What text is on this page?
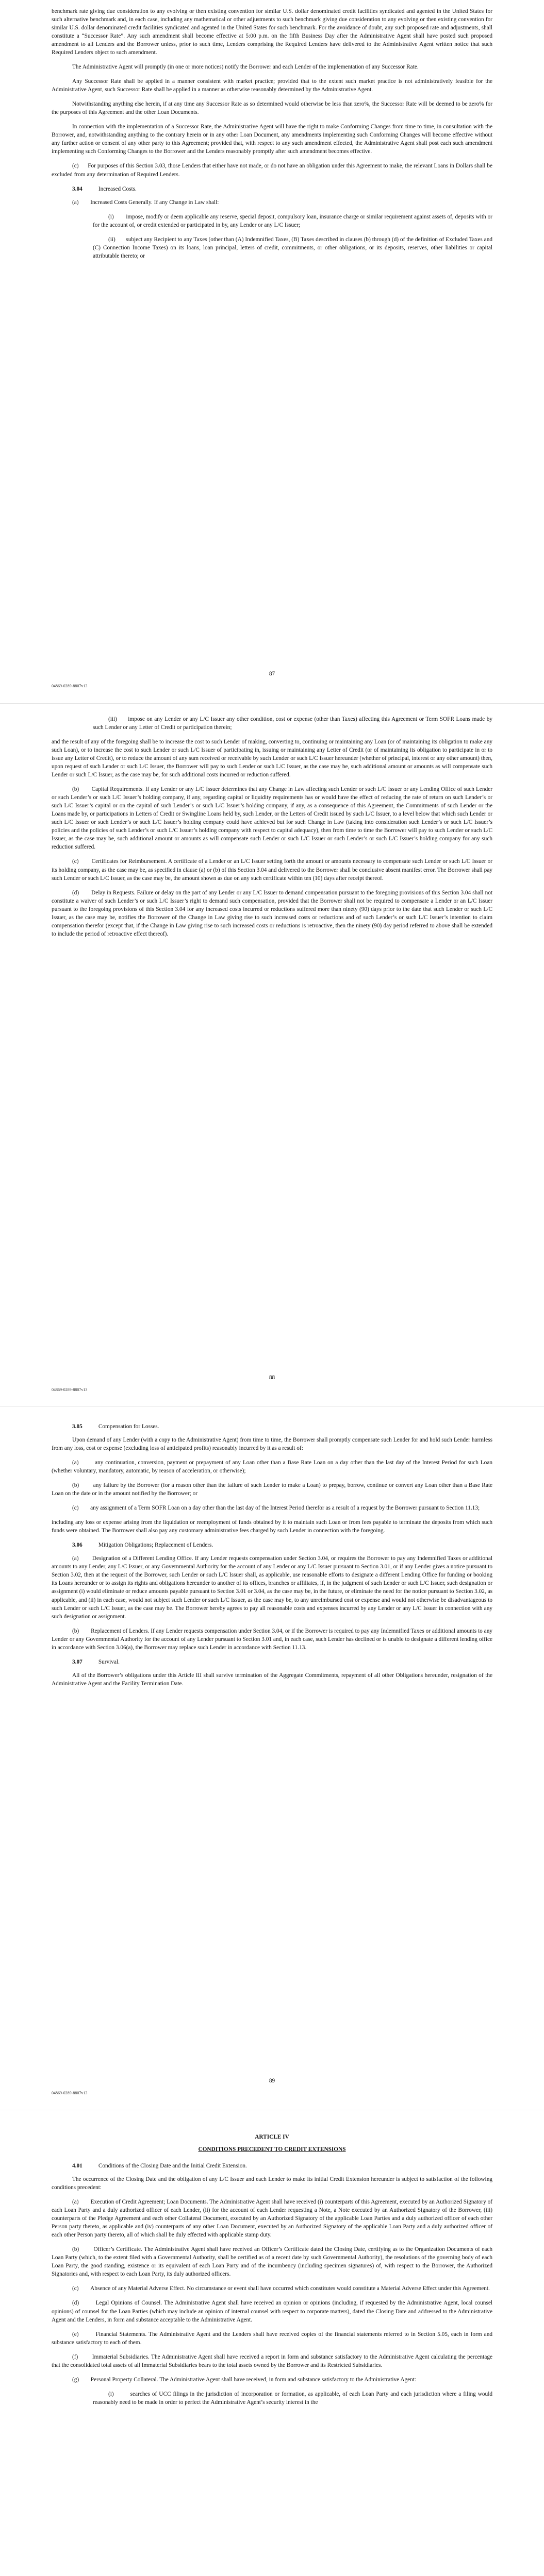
benchmark rate giving due consideration to any evolving or then existing convention for similar U.S. dollar denominated credit facilities syndicated and agented in the United States for such alternative benchmark and, in each case, including any mathematical or other adjustments to such benchmark giving due consideration to any evolving or then existing convention for similar U.S. dollar denominated credit facilities syndicated and agented in the United States for such benchmark. For the avoidance of doubt, any such proposed rate and adjustments, shall constitute a “Successor Rate”. Any such amendment shall become effective at 5:00 p.m. on the fifth Business Day after the Administrative Agent shall have posted such proposed amendment to all Lenders and the Borrower unless, prior to such time, Lenders comprising the Required Lenders have delivered to the Administrative Agent written notice that such Required Lenders object to such amendment.

The Administrative Agent will promptly (in one or more notices) notify the Borrower and each Lender of the implementation of any Successor Rate.

Any Successor Rate shall be applied in a manner consistent with market practice; provided that to the extent such market practice is not administratively feasible for the Administrative Agent, such Successor Rate shall be applied in a manner as otherwise reasonably determined by the Administrative Agent.

Notwithstanding anything else herein, if at any time any Successor Rate as so determined would otherwise be less than zero%, the Successor Rate will be deemed to be zero% for the purposes of this Agreement and the other Loan Documents.

In connection with the implementation of a Successor Rate, the Administrative Agent will have the right to make Conforming Changes from time to time, in consultation with the Borrower, and, notwithstanding anything to the contrary herein or in any other Loan Document, any amendments implementing such Conforming Changes will become effective without any further action or consent of any other party to this Agreement; provided that, with respect to any such amendment effected, the Administrative Agent shall post each such amendment implementing such Conforming Changes to the Borrower and the Lenders reasonably promptly after such amendment becomes effective.

(c)      For purposes of this Section 3.03, those Lenders that either have not made, or do not have an obligation under this Agreement to make, the relevant Loans in Dollars shall be excluded from any determination of Required Lenders.

3.04	Increased Costs.

(a)        Increased Costs Generally. If any Change in Law shall:

(i)        impose, modify or deem applicable any reserve, special deposit, compulsory loan, insurance charge or similar requirement against assets of, deposits with or for the account of, or credit extended or participated in by, any Lender or any L/C Issuer;

(ii)       subject any Recipient to any Taxes (other than (A) Indemnified Taxes, (B) Taxes described in clauses (b) through (d) of the definition of Excluded Taxes and (C) Connection Income Taxes) on its loans, loan principal, letters of credit, commitments, or other obligations, or its deposits, reserves, other liabilities or capital attributable thereto; or

87
04869-0289-8807v13

(iii)      impose on any Lender or any L/C Issuer any other condition, cost or expense (other than Taxes) affecting this Agreement or Term SOFR Loans made by such Lender or any Letter of Credit or participation therein;

and the result of any of the foregoing shall be to increase the cost to such Lender of making, converting to, continuing or maintaining any Loan (or of maintaining its obligation to make any such Loan), or to increase the cost to such Lender or such L/C Issuer of participating in, issuing or maintaining any Letter of Credit (or of maintaining its obligation to participate in or to issue any Letter of Credit), or to reduce the amount of any sum received or receivable by such Lender or such L/C Issuer hereunder (whether of principal, interest or any other amount) then, upon request of such Lender or such L/C Issuer, the Borrower will pay to such Lender or such L/C Issuer, as the case may be, such additional amount or amounts as will compensate such Lender or such L/C Issuer, as the case may be, for such additional costs incurred or reduction suffered.

(b)        Capital Requirements. If any Lender or any L/C Issuer determines that any Change in Law affecting such Lender or such L/C Issuer or any Lending Office of such Lender or such Lender’s or such L/C Issuer’s holding company, if any, regarding capital or liquidity requirements has or would have the effect of reducing the rate of return on such Lender’s or such L/C Issuer’s capital or on the capital of such Lender’s or such L/C Issuer’s holding company, if any, as a consequence of this Agreement, the Commitments of such Lender or the Loans made by, or participations in Letters of Credit or Swingline Loans held by, such Lender, or the Letters of Credit issued by such L/C Issuer, to a level below that which such Lender or such L/C Issuer or such Lender’s or such L/C Issuer’s holding company could have achieved but for such Change in Law (taking into consideration such Lender’s or such L/C Issuer’s policies and the policies of such Lender’s or such L/C Issuer’s holding company with respect to capital adequacy), then from time to time the Borrower will pay to such Lender or such L/C Issuer, as the case may be, such additional amount or amounts as will compensate such Lender or such L/C Issuer or such Lender’s or such L/C Issuer’s holding company for any such reduction suffered.

(c)        Certificates for Reimbursement. A certificate of a Lender or an L/C Issuer setting forth the amount or amounts necessary to compensate such Lender or such L/C Issuer or its holding company, as the case may be, as specified in clause (a) or (b) of this Section 3.04 and delivered to the Borrower shall be conclusive absent manifest error. The Borrower shall pay such Lender or such L/C Issuer, as the case may be, the amount shown as due on any such certificate within ten (10) days after receipt thereof.

(d)        Delay in Requests. Failure or delay on the part of any Lender or any L/C Issuer to demand compensation pursuant to the foregoing provisions of this Section 3.04 shall not constitute a waiver of such Lender’s or such L/C Issuer’s right to demand such compensation, provided that the Borrower shall not be required to compensate a Lender or an L/C Issuer pursuant to the foregoing provisions of this Section 3.04 for any increased costs incurred or reductions suffered more than ninety (90) days prior to the date that such Lender or such L/C Issuer, as the case may be, notifies the Borrower of the Change in Law giving rise to such increased costs or reductions and of such Lender’s or such L/C Issuer’s intention to claim compensation therefor (except that, if the Change in Law giving rise to such increased costs or reductions is retroactive, then the ninety (90) day period referred to above shall be extended to include the period of retroactive effect thereof).

88
04869-0289-8807v13

3.05	Compensation for Losses.

Upon demand of any Lender (with a copy to the Administrative Agent) from time to time, the Borrower shall promptly compensate such Lender for and hold such Lender harmless from any loss, cost or expense (excluding loss of anticipated profits) reasonably incurred by it as a result of:

(a)        any continuation, conversion, payment or prepayment of any Loan other than a Base Rate Loan on a day other than the last day of the Interest Period for such Loan (whether voluntary, mandatory, automatic, by reason of acceleration, or otherwise);

(b)        any failure by the Borrower (for a reason other than the failure of such Lender to make a Loan) to prepay, borrow, continue or convert any Loan other than a Base Rate Loan on the date or in the amount notified by the Borrower; or

(c)        any assignment of a Term SOFR Loan on a day other than the last day of the Interest Period therefor as a result of a request by the Borrower pursuant to Section 11.13;

including any loss or expense arising from the liquidation or reemployment of funds obtained by it to maintain such Loan or from fees payable to terminate the deposits from which such funds were obtained. The Borrower shall also pay any customary administrative fees charged by such Lender in connection with the foregoing.

3.06	Mitigation Obligations; Replacement of Lenders.

(a)        Designation of a Different Lending Office. If any Lender requests compensation under Section 3.04, or requires the Borrower to pay any Indemnified Taxes or additional amounts to any Lender, any L/C Issuer, or any Governmental Authority for the account of any Lender or any L/C Issuer pursuant to Section 3.01, or if any Lender gives a notice pursuant to Section 3.02, then at the request of the Borrower, such Lender or such L/C Issuer shall, as applicable, use reasonable efforts to designate a different Lending Office for funding or booking its Loans hereunder or to assign its rights and obligations hereunder to another of its offices, branches or affiliates, if, in the judgment of such Lender or such L/C Issuer, such designation or assignment (i) would eliminate or reduce amounts payable pursuant to Section 3.01 or 3.04, as the case may be, in the future, or eliminate the need for the notice pursuant to Section 3.02, as applicable, and (ii) in each case, would not subject such Lender or such L/C Issuer, as the case may be, to any unreimbursed cost or expense and would not otherwise be disadvantageous to such Lender or such L/C Issuer, as the case may be. The Borrower hereby agrees to pay all reasonable costs and expenses incurred by any Lender or any L/C Issuer in connection with any such designation or assignment.

(b)        Replacement of Lenders. If any Lender requests compensation under Section 3.04, or if the Borrower is required to pay any Indemnified Taxes or additional amounts to any Lender or any Governmental Authority for the account of any Lender pursuant to Section 3.01 and, in each case, such Lender has declined or is unable to designate a different lending office in accordance with Section 3.06(a), the Borrower may replace such Lender in accordance with Section 11.13.

3.07	Survival.

All of the Borrower’s obligations under this Article III shall survive termination of the Aggregate Commitments, repayment of all other Obligations hereunder, resignation of the Administrative Agent and the Facility Termination Date.

89
04869-0289-8807v13
ARTICLE IV
CONDITIONS PRECEDENT TO CREDIT EXTENSIONS

4.01	Conditions of the Closing Date and the Initial Credit Extension.

The occurrence of the Closing Date and the obligation of any L/C Issuer and each Lender to make its initial Credit Extension hereunder is subject to satisfaction of the following conditions precedent:

(a)        Execution of Credit Agreement; Loan Documents. The Administrative Agent shall have received (i) counterparts of this Agreement, executed by an Authorized Signatory of each Loan Party and a duly authorized officer of each Lender, (ii) for the account of each Lender requesting a Note, a Note executed by an Authorized Signatory of the Borrower, (iii) counterparts of the Pledge Agreement and each other Collateral Document, executed by an Authorized Signatory of the applicable Loan Parties and a duly authorized officer of each other Person party thereto, as applicable and (iv) counterparts of any other Loan Document, executed by an Authorized Signatory of the applicable Loan Party and a duly authorized officer of each other Person party thereto, all of which shall be duly effected with applicable stamp duty.

(b)        Officer’s Certificate. The Administrative Agent shall have received an Officer’s Certificate dated the Closing Date, certifying as to the Organization Documents of each Loan Party (which, to the extent filed with a Governmental Authority, shall be certified as of a recent date by such Governmental Authority), the resolutions of the governing body of each Loan Party, the good standing, existence or its equivalent of each Loan Party and of the incumbency (including specimen signatures) of, with respect to the Borrower, the Authorized Signatories and, with respect to each Loan Party, its duly authorized officers.

(c)        Absence of any Material Adverse Effect. No circumstance or event shall have occurred which constitutes would constitute a Material Adverse Effect under this Agreement.

(d)        Legal Opinions of Counsel. The Administrative Agent shall have received an opinion or opinions (including, if requested by the Administrative Agent, local counsel opinions) of counsel for the Loan Parties (which may include an opinion of internal counsel with respect to corporate matters), dated the Closing Date and addressed to the Administrative Agent and the Lenders, in form and substance acceptable to the Administrative Agent.

(e)        Financial Statements. The Administrative Agent and the Lenders shall have received copies of the financial statements referred to in Section 5.05, each in form and substance satisfactory to each of them.

(f)        Immaterial Subsidiaries. The Administrative Agent shall have received a report in form and substance satisfactory to the Administrative Agent calculating the percentage that the consolidated total assets of all Immaterial Subsidiaries bears to the total assets owned by the Borrower and its Restricted Subsidiaries.

(g)        Personal Property Collateral. The Administrative Agent shall have received, in form and substance satisfactory to the Administrative Agent:

(i)        searches of UCC filings in the jurisdiction of incorporation or formation, as applicable, of each Loan Party and each jurisdiction where a filing would reasonably need to be made in order to perfect the Administrative Agent’s security interest in the
